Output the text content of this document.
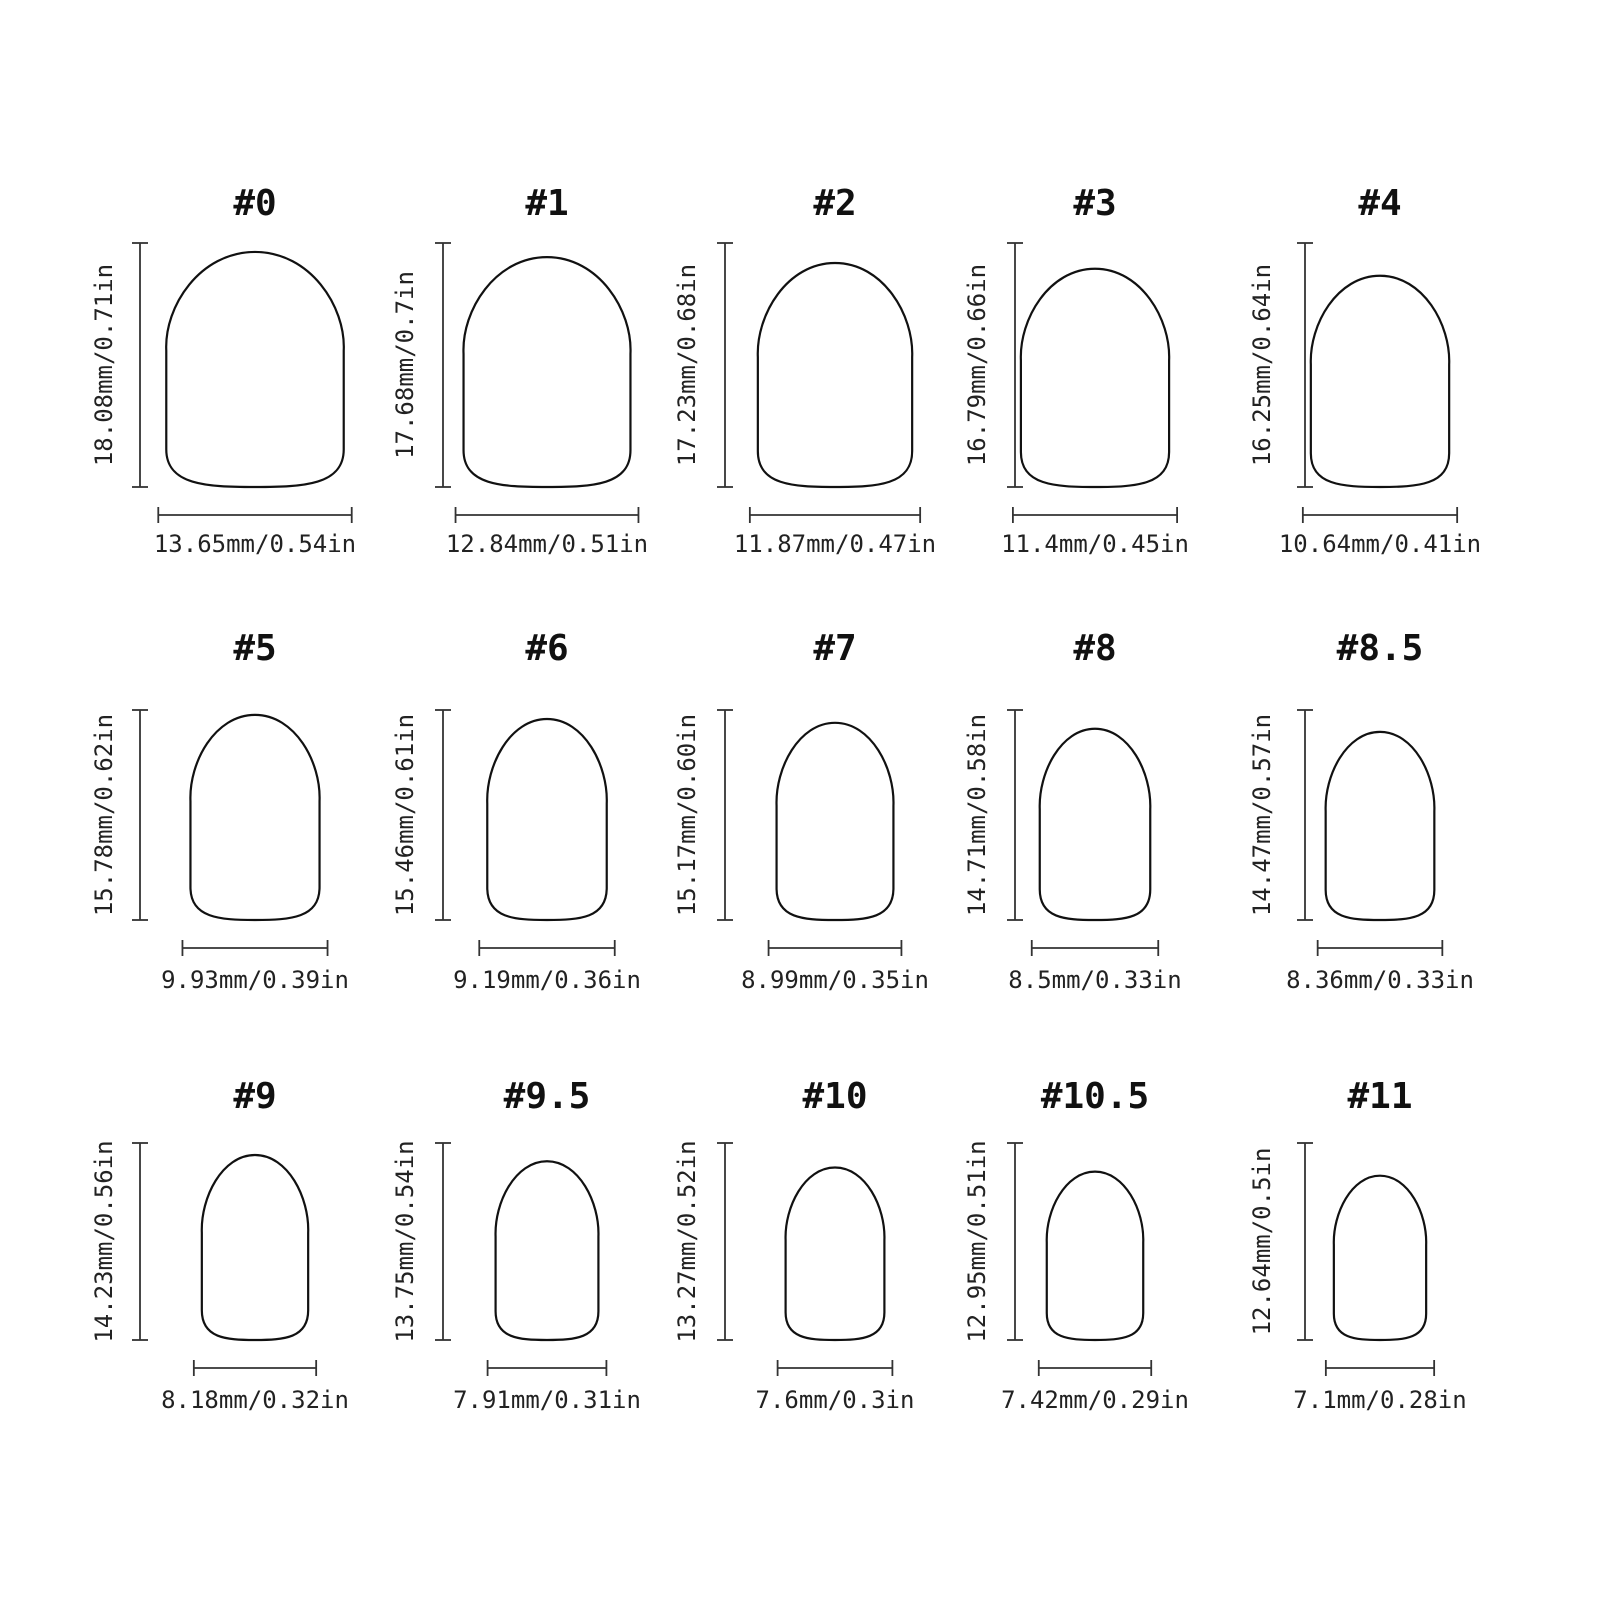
#0
18.08mm/0.71in
13.65mm/0.54in
#1
17.68mm/0.7in
12.84mm/0.51in
#2
17.23mm/0.68in
11.87mm/0.47in
#3
16.79mm/0.66in
11.4mm/0.45in
#4
16.25mm/0.64in
10.64mm/0.41in
#5
15.78mm/0.62in
9.93mm/0.39in
#6
15.46mm/0.61in
9.19mm/0.36in
#7
15.17mm/0.60in
8.99mm/0.35in
#8
14.71mm/0.58in
8.5mm/0.33in
#8.5
14.47mm/0.57in
8.36mm/0.33in
#9
14.23mm/0.56in
8.18mm/0.32in
#9.5
13.75mm/0.54in
7.91mm/0.31in
#10
13.27mm/0.52in
7.6mm/0.3in
#10.5
12.95mm/0.51in
7.42mm/0.29in
#11
12.64mm/0.5in
7.1mm/0.28in
